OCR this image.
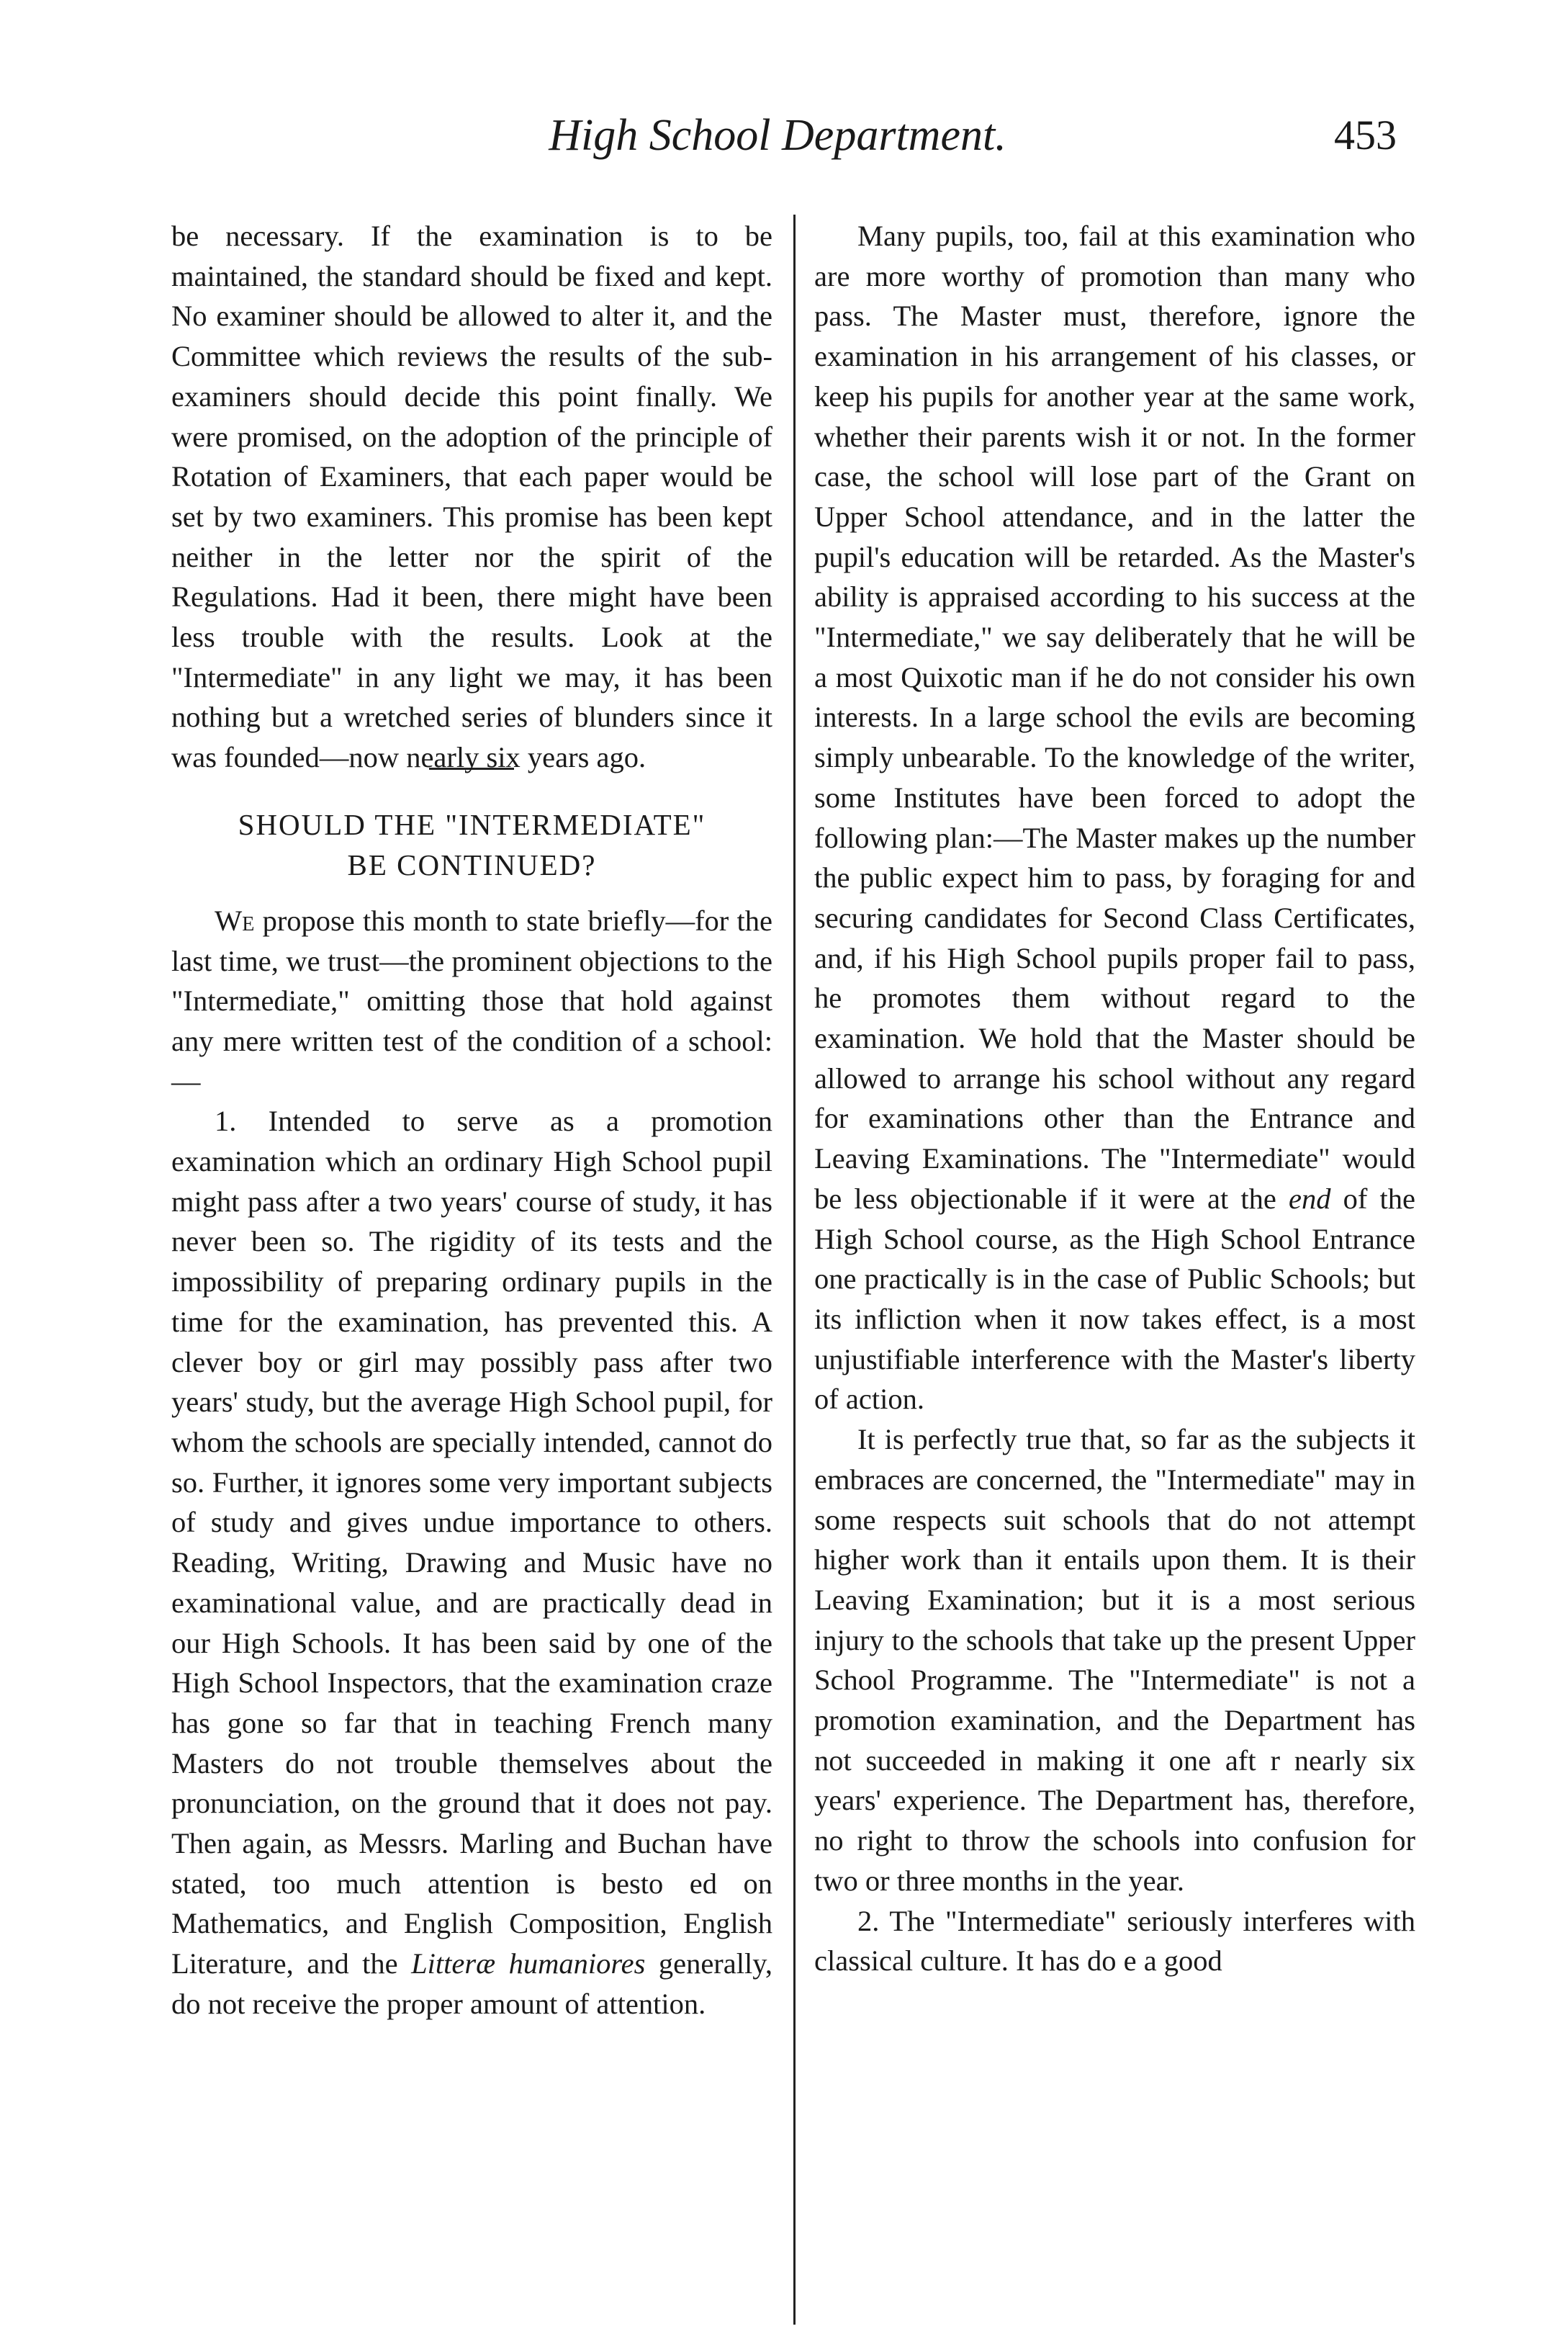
High School Department.	453

be necessary. If the examination is to be maintained, the standard should be fixed and kept. No examiner should be allowed to alter it, and the Committee which reviews the results of the sub-examiners should decide this point finally. We were promised, on the adoption of the principle of Rotation of Examiners, that each paper would be set by two examiners. This promise has been kept neither in the letter nor the spirit of the Regulations. Had it been, there might have been less trouble with the results. Look at the "Intermediate" in any light we may, it has been nothing but a wretched series of blunders since it was founded—now nearly six years ago.

SHOULD THE "INTERMEDIATE"
BE CONTINUED?

We propose this month to state briefly—for the last time, we trust—the prominent objections to the "Intermediate," omitting those that hold against any mere written test of the condition of a school:—

1. Intended to serve as a promotion examination which an ordinary High School pupil might pass after a two years' course of study, it has never been so. The rigidity of its tests and the impossibility of preparing ordinary pupils in the time for the examination, has prevented this. A clever boy or girl may possibly pass after two years' study, but the average High School pupil, for whom the schools are specially intended, cannot do so. Further, it ignores some very important subjects of study and gives undue importance to others. Reading, Writing, Drawing and Music have no examinational value, and are practically dead in our High Schools. It has been said by one of the High School Inspectors, that the examination craze has gone so far that in teaching French many Masters do not trouble themselves about the pronunciation, on the ground that it does not pay. Then again, as Messrs. Marling and Buchan have stated, too much attention is besto ed on Mathematics, and English Composition, English Literature, and the Litteræ humaniores generally, do not receive the proper amount of attention.

Many pupils, too, fail at this examination who are more worthy of promotion than many who pass. The Master must, therefore, ignore the examination in his arrangement of his classes, or keep his pupils for another year at the same work, whether their parents wish it or not. In the former case, the school will lose part of the Grant on Upper School attendance, and in the latter the pupil's education will be retarded. As the Master's ability is appraised according to his success at the "Intermediate," we say deliberately that he will be a most Quixotic man if he do not consider his own interests. In a large school the evils are becoming simply unbearable. To the knowledge of the writer, some Institutes have been forced to adopt the following plan:—The Master makes up the number the public expect him to pass, by foraging for and securing candidates for Second Class Certificates, and, if his High School pupils proper fail to pass, he promotes them without regard to the examination. We hold that the Master should be allowed to arrange his school without any regard for examinations other than the Entrance and Leaving Examinations. The "Intermediate" would be less objectionable if it were at the end of the High School course, as the High School Entrance one practically is in the case of Public Schools; but its infliction when it now takes effect, is a most unjustifiable interference with the Master's liberty of action.

It is perfectly true that, so far as the subjects it embraces are concerned, the "Intermediate" may in some respects suit schools that do not attempt higher work than it entails upon them. It is their Leaving Examination; but it is a most serious injury to the schools that take up the present Upper School Programme. The "Intermediate" is not a promotion examination, and the Department has not succeeded in making it one aft r nearly six years' experience. The Department has, therefore, no right to throw the schools into confusion for two or three months in the year.

2. The "Intermediate" seriously interferes with classical culture. It has do e a good
